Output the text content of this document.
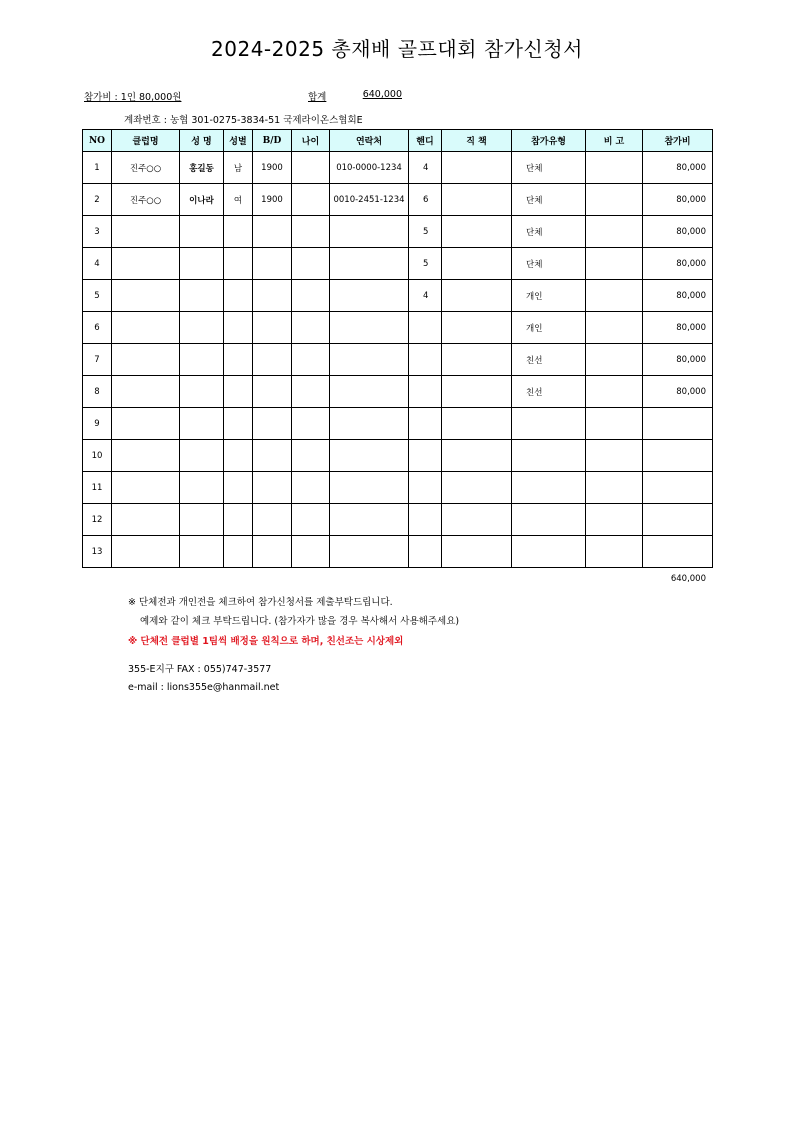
2024-2025 총재배 골프대회 참가신청서
참가비 : 1인 80,000원	합계	640,000
계좌번호 : 농협 301-0275-3834-51 국제라이온스협회E
NO	클럽명	성 명	성별	B/D	나이	연락처	핸디	직 책	참가유형	비 고	참가비
1	진주○○	홍길동	남	1900		010-0000-1234	4		단체		80,000
2	진주○○	이나라	여	1900		0010-2451-1234	6		단체		80,000
3							5		단체		80,000
4							5		단체		80,000
5							4		개인		80,000
6									개인		80,000
7									친선		80,000
8									친선		80,000
9											
10											
11											
12											
13											
640,000
※ 단체전과 개인전을 체크하여 참가신청서를 제출부탁드립니다.
예제와 같이 체크 부탁드립니다. (참가자가 많을 경우 복사해서 사용해주세요)
※ 단체전 클럽별 1팀씩 배정을 원칙으로 하며, 친선조는 시상제외
355-E지구 FAX : 055)747-3577
e-mail : lions355e@hanmail.net
